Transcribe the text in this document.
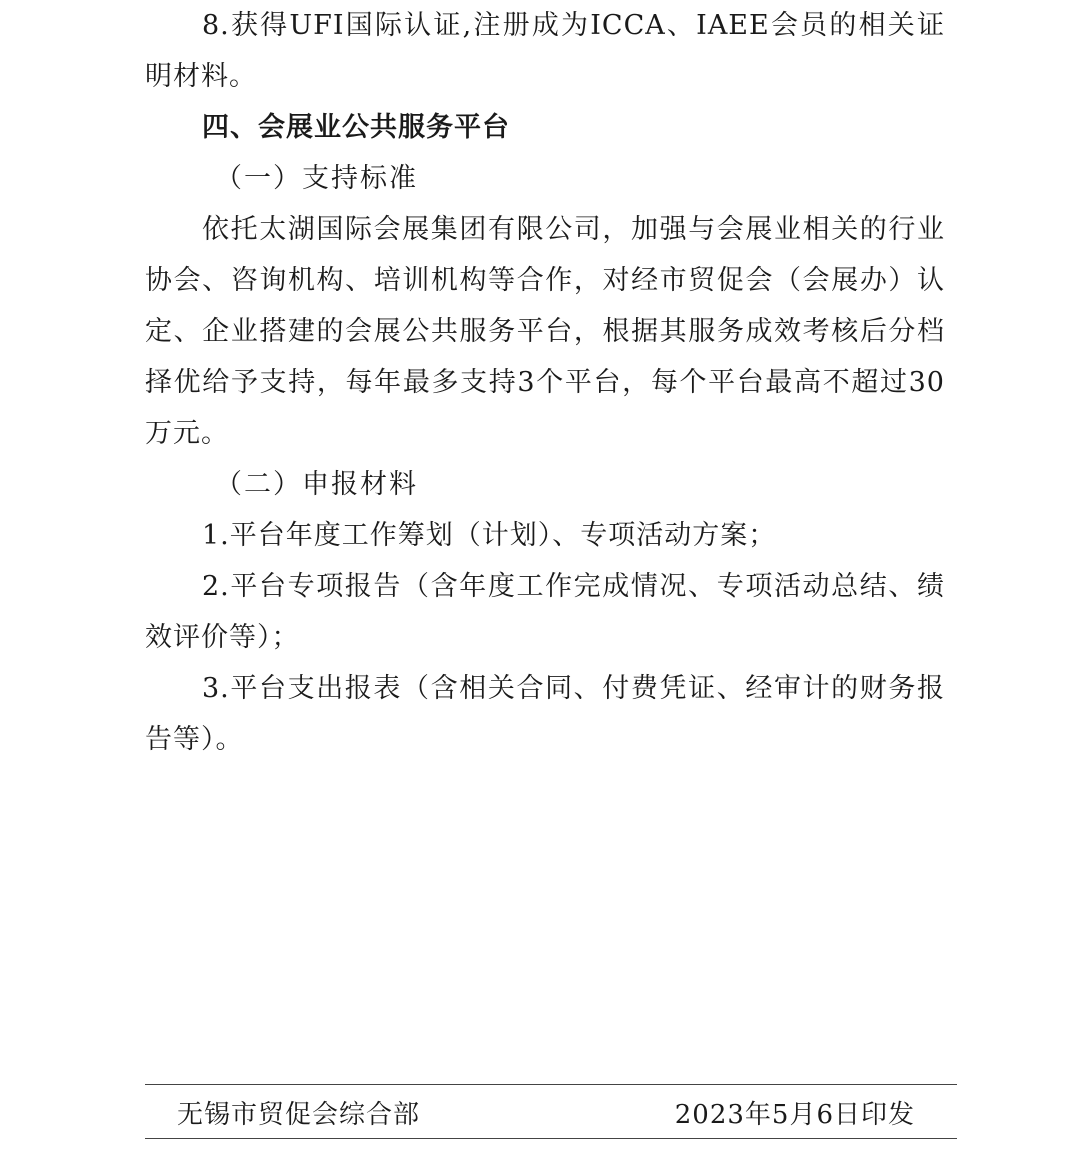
8.获得UFI国际认证,注册成为ICCA、IAEE会员的相关证明材料。

四、会展业公共服务平台

（一）支持标准

依托太湖国际会展集团有限公司，加强与会展业相关的行业协会、咨询机构、培训机构等合作，对经市贸促会（会展办）认定、企业搭建的会展公共服务平台，根据其服务成效考核后分档择优给予支持，每年最多支持3个平台，每个平台最高不超过30万元。

（二）申报材料

1.平台年度工作筹划（计划）、专项活动方案；

2.平台专项报告（含年度工作完成情况、专项活动总结、绩效评价等）；

3.平台支出报表（含相关合同、付费凭证、经审计的财务报告等）。

无锡市贸促会综合部	2023年5月6日印发
